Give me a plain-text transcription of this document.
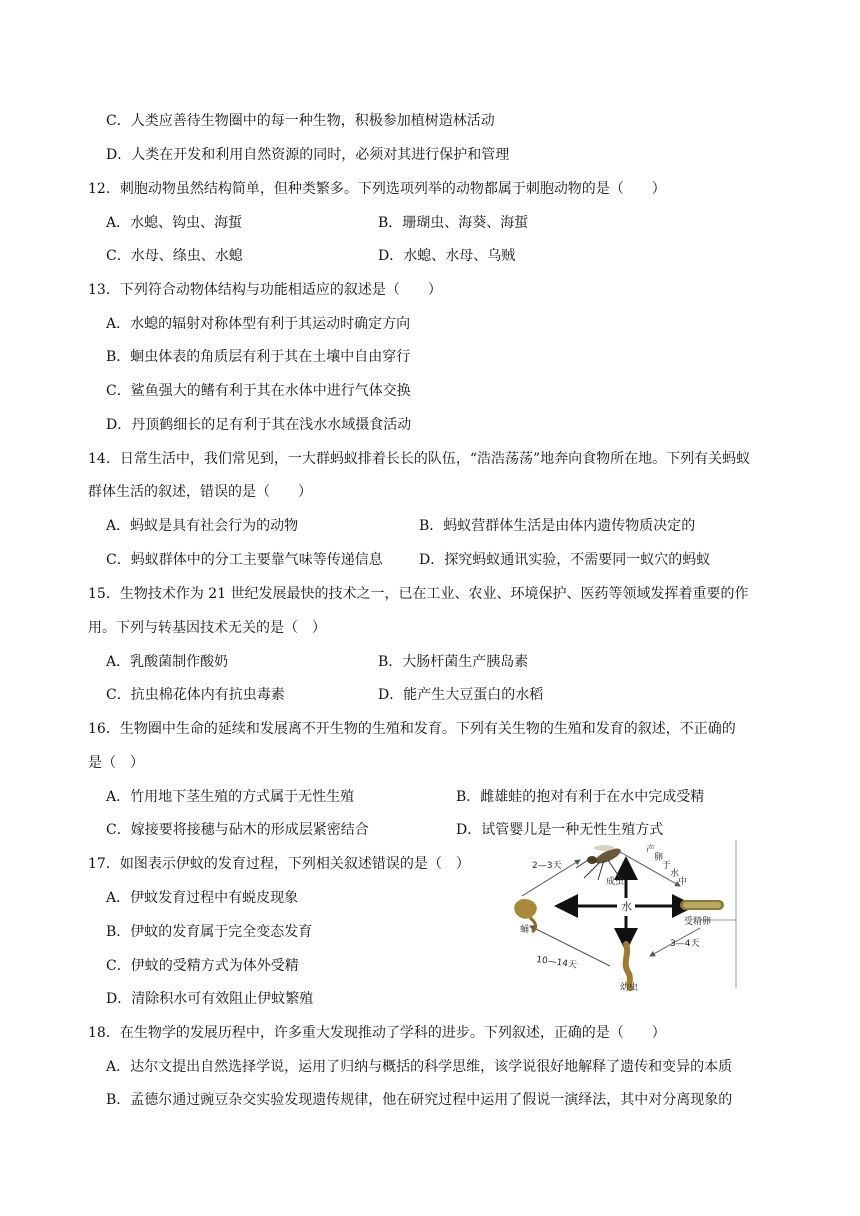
C．人类应善待生物圈中的每一种生物，积极参加植树造林活动
D．人类在开发和利用自然资源的同时，必须对其进行保护和管理
12．刺胞动物虽然结构简单，但种类繁多。下列选项列举的动物都属于刺胞动物的是（　　）
A．水螅、钩虫、海蜇	B．珊瑚虫、海葵、海蜇
C．水母、绦虫、水螅	D．水螅、水母、乌贼
13．下列符合动物体结构与功能相适应的叙述是（　　）
A．水螅的辐射对称体型有利于其运动时确定方向
B．蛔虫体表的角质层有利于其在土壤中自由穿行
C．鲨鱼强大的鳍有利于其在水体中进行气体交换
D．丹顶鹤细长的足有利于其在浅水水域摄食活动
14．日常生活中，我们常见到，一大群蚂蚁排着长长的队伍，“浩浩荡荡”地奔向食物所在地。下列有关蚂蚁
群体生活的叙述，错误的是（　　）
A．蚂蚁是具有社会行为的动物	B．蚂蚁营群体生活是由体内遗传物质决定的
C．蚂蚁群体中的分工主要靠气味等传递信息	D．探究蚂蚁通讯实验，不需要同一蚁穴的蚂蚁
15．生物技术作为 21 世纪发展最快的技术之一，已在工业、农业、环境保护、医药等领域发挥着重要的作
用。下列与转基因技术无关的是（　）
A．乳酸菌制作酸奶	B．大肠杆菌生产胰岛素
C．抗虫棉花体内有抗虫毒素	D．能产生大豆蛋白的水稻
16．生物圈中生命的延续和发展离不开生物的生殖和发育。下列有关生物的生殖和发育的叙述，不正确的
是（　）
A．竹用地下茎生殖的方式属于无性生殖	B．雌雄蛙的抱对有利于在水中完成受精
C．嫁接要将接穗与砧木的形成层紧密结合	D．试管婴儿是一种无性生殖方式
17．如图表示伊蚊的发育过程，下列相关叙述错误的是（　）
A．伊蚊发育过程中有蜕皮现象
B．伊蚊的发育属于完全变态发育
C．伊蚊的受精方式为体外受精
D．清除积水可有效阻止伊蚊繁殖
水
成虫
受精卵
幼虫
蛹
2—3天
3—4天
10—14天
产
卵
于
水
中
18．在生物学的发展历程中，许多重大发现推动了学科的进步。下列叙述，正确的是（　　）
A．达尔文提出自然选择学说，运用了归纳与概括的科学思维，该学说很好地解释了遗传和变异的本质
B．孟德尔通过豌豆杂交实验发现遗传规律，他在研究过程中运用了假说一演绎法，其中对分离现象的
